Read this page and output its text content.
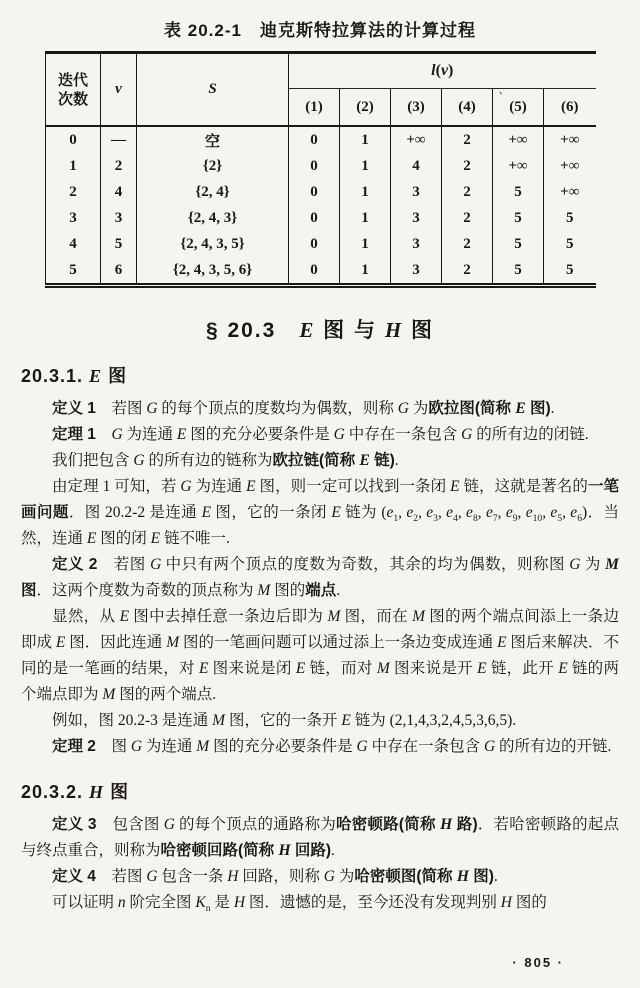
表 20.2-1　迪克斯特拉算法的计算过程
、
迭代
次数	v	S	l(v)					
			(1)	(2)	(3)	(4)	(5)	(6)
0	—	空	0	1	+∞	2	+∞	+∞
1	2	{2}	0	1	4	2	+∞	+∞
2	4	{2, 4}	0	1	3	2	5	+∞
3	3	{2, 4, 3}	0	1	3	2	5	5
4	5	{2, 4, 3, 5}	0	1	3	2	5	5
5	6	{2, 4, 3, 5, 6}	0	1	3	2	5	5
§ 20.3　E 图 与 H 图
20.3.1. E 图

定义 1　若图 G 的每个顶点的度数均为偶数，则称 G 为欧拉图(简称 E 图).

定理 1　 G 为连通 E 图的充分必要条件是 G 中存在一条包含 G 的所有边的闭链.

我们把包含 G 的所有边的链称为欧拉链(简称 E 链).

由定理 1 可知，若 G 为连通 E 图，则一定可以找到一条闭 E 链，这就是著名的一笔画问题．图 20.2-2 是连通 E 图，它的一条闭 E 链为 ($e_1$, $e_2$, $e_3$, $e_4$, $e_8$, $e_7$, $e_9$, $e_{10}$, $e_5$, $e_6$)．当然，连通 E 图的闭 E 链不唯一.

定义 2　若图 G 中只有两个顶点的度数为奇数，其余的均为偶数，则称图 G 为 M 图．这两个度数为奇数的顶点称为 M 图的端点.

显然，从 E 图中去掉任意一条边后即为 M 图，而在 M 图的两个端点间添上一条边即成 E 图．因此连通 M 图的一笔画问题可以通过添上一条边变成连通 E 图后来解决．不同的是一笔画的结果，对 E 图来说是闭 E 链，而对 M 图来说是开 E 链，此开 E 链的两个端点即为 M 图的两个端点.

例如，图 20.2-3 是连通 M 图，它的一条开 E 链为 (2,1,4,3,2,4,5,3,6,5).

定理 2　图 G 为连通 M 图的充分必要条件是 G 中存在一条包含 G 的所有边的开链.

20.3.2. H 图

定义 3　包含图 G 的每个顶点的通路称为哈密顿路(简称 H 路)．若哈密顿路的起点与终点重合，则称为哈密顿回路(简称 H 回路).

定义 4　若图 G 包含一条 H 回路，则称 G 为哈密顿图(简称 H 图).

可以证明 n 阶完全图 $K_n$ 是 H 图．遗憾的是，至今还没有发现判别 H 图的

· 805 ·
